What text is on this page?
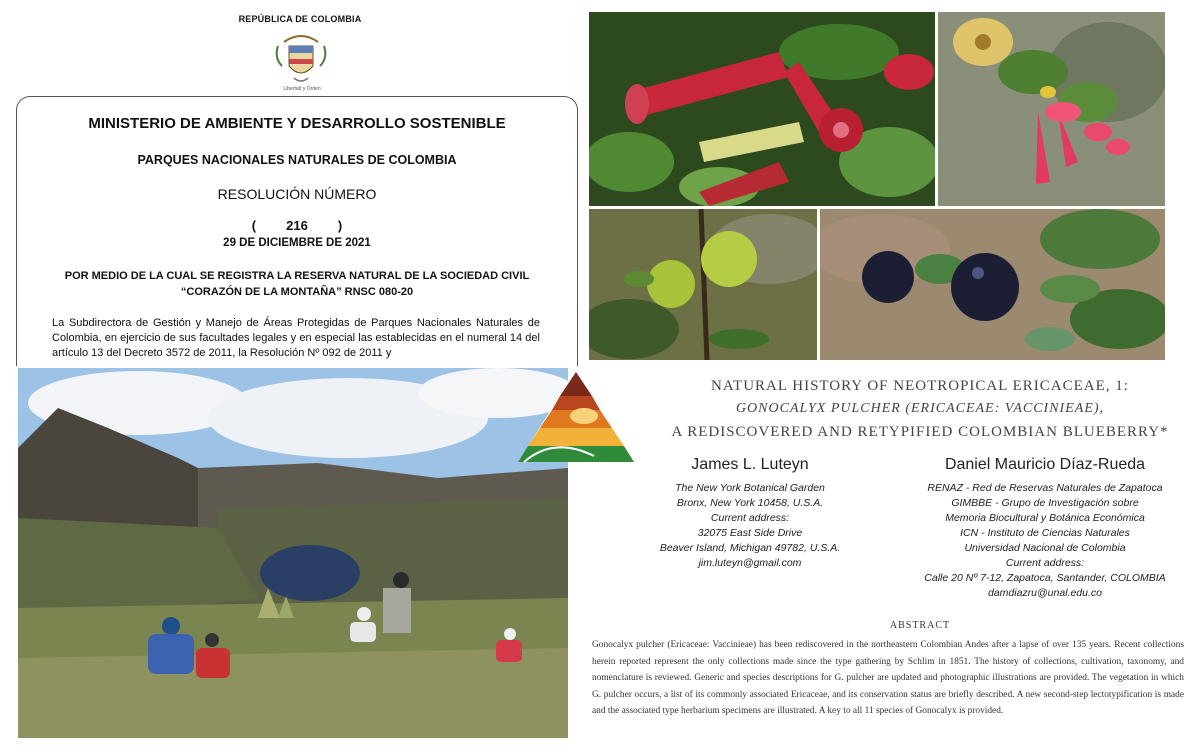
REPÚBLICA DE COLOMBIA
Libertad y Orden
MINISTERIO DE AMBIENTE Y DESARROLLO SOSTENIBLE
PARQUES NACIONALES NATURALES DE COLOMBIA
RESOLUCIÓN NÚMERO
( 216 )
29 DE DICIEMBRE DE 2021
POR MEDIO DE LA CUAL SE REGISTRA LA RESERVA NATURAL DE LA SOCIEDAD CIVIL
“CORAZÓN DE LA MONTAÑA” RNSC 080-20
La Subdirectora de Gestión y Manejo de Áreas Protegidas de Parques Nacionales Naturales de Colombia, en ejercicio de sus facultades legales y en especial las establecidas en el numeral 14 del artículo 13 del Decreto 3572 de 2011, la Resolución Nº 092 de 2011 y
NATURAL HISTORY OF NEOTROPICAL ERICACEAE, 1:
GONOCALYX PULCHER (ERICACEAE: VACCINIEAE),
A REDISCOVERED AND RETYPIFIED COLOMBIAN BLUEBERRY*
James L. Luteyn	Daniel Mauricio Díaz-Rueda
The New York Botanical Garden
Bronx, New York 10458, U.S.A.
Current address:
32075 East Side Drive
Beaver Island, Michigan 49782, U.S.A.
jim.luteyn@gmail.com
RENAZ - Red de Reservas Naturales de Zapatoca
GIMBBE - Grupo de Investigación sobre
Memoria Biocultural y Botánica Económica
ICN - Instituto de Ciencias Naturales
Universidad Nacional de Colombia
Current address:
Calle 20 Nº 7-12, Zapatoca, Santander, COLOMBIA
damdiazru@unal.edu.co
ABSTRACT
Gonocalyx pulcher (Ericaceae: Vaccinieae) has been rediscovered in the northeastern Colombian Andes after a lapse of over 135 years. Recent collections herein reported represent the only collections made since the type gathering by Schlim in 1851. The history of collections, cultivation, taxonomy, and nomenclature is reviewed. Generic and species descriptions for G. pulcher are updated and photographic illustrations are provided. The vegetation in which G. pulcher occurs, a list of its commonly associated Ericaceae, and its conservation status are briefly described. A new second-step lectotypification is made and the associated type herbarium specimens are illustrated. A key to all 11 species of Gonocalyx is provided.
